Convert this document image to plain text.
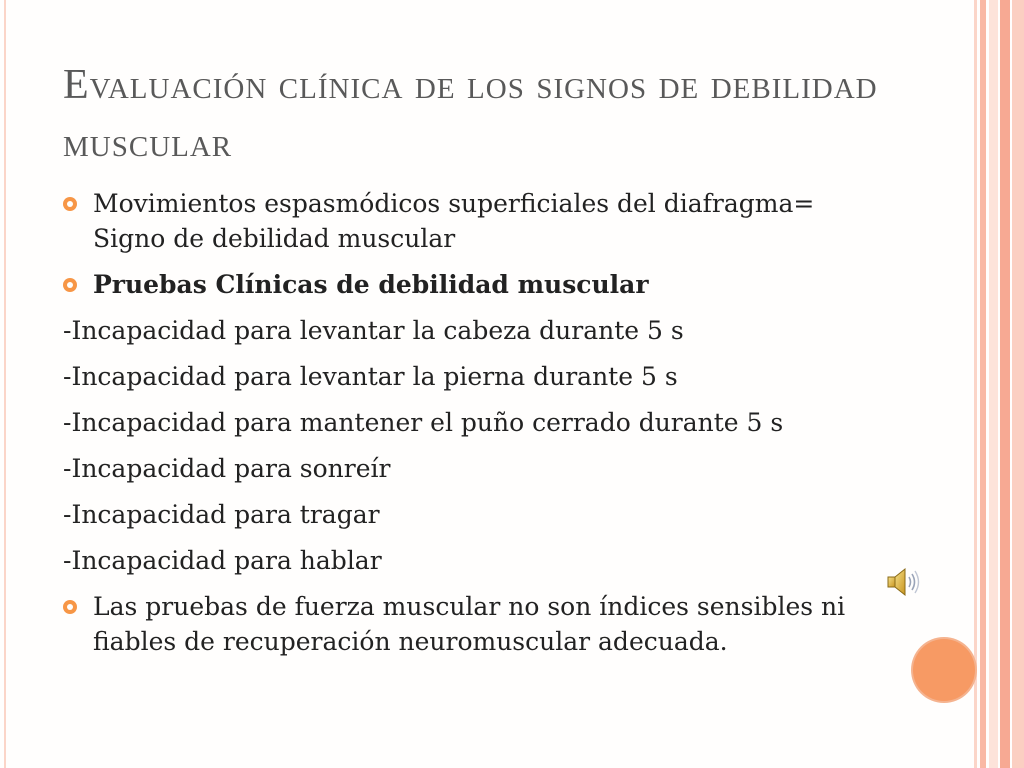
Evaluación clínica de los signos de debilidad muscular
Movimientos espasmódicos superficiales del diafragma= Signo de debilidad muscular
Pruebas Clínicas de debilidad muscular
-Incapacidad para levantar la cabeza durante 5 s
-Incapacidad para levantar la pierna durante 5 s
-Incapacidad para mantener el puño cerrado durante 5 s
-Incapacidad para sonreír
-Incapacidad para tragar
-Incapacidad para hablar
Las pruebas de fuerza muscular no son índices sensibles ni fiables de recuperación neuromuscular adecuada.
